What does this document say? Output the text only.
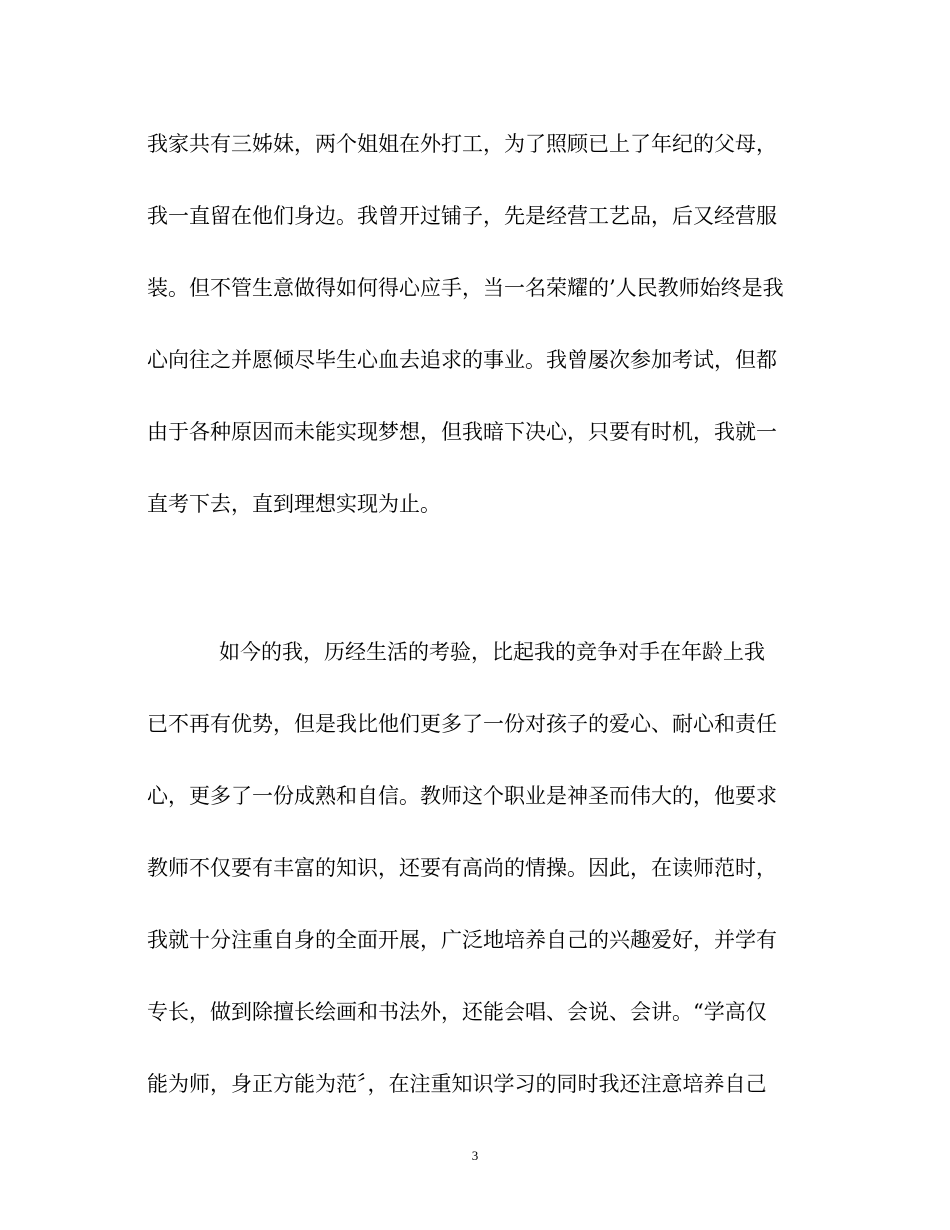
我家共有三姊妹，两个姐姐在外打工，为了照顾已上了年纪的父母，
我一直留在他们身边。我曾开过铺子，先是经营工艺品，后又经营服
装。但不管生意做得如何得心应手，当一名荣耀的’人民教师始终是我
心向往之并愿倾尽毕生心血去追求的事业。我曾屡次参加考试，但都
由于各种原因而未能实现梦想，但我暗下决心，只要有时机，我就一
直考下去，直到理想实现为止。
如今的我，历经生活的考验，比起我的竞争对手在年龄上我
已不再有优势，但是我比他们更多了一份对孩子的爱心、耐心和责任
心，更多了一份成熟和自信。教师这个职业是神圣而伟大的，他要求
教师不仅要有丰富的知识，还要有高尚的情操。因此，在读师范时，
我就十分注重自身的全面开展，广泛地培养自己的兴趣爱好，并学有
专长，做到除擅长绘画和书法外，还能会唱、会说、会讲。“学高仅
能为师，身正方能为范〞，在注重知识学习的同时我还注意培养自己
3
